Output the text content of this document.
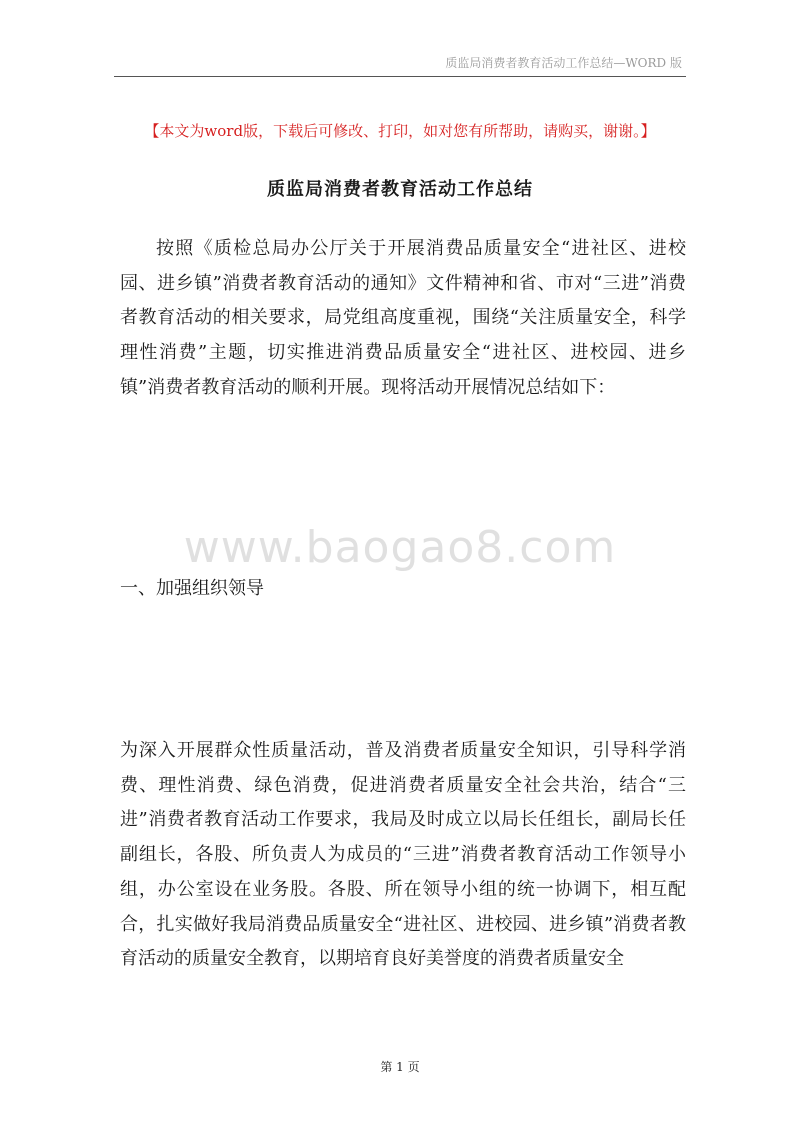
质监局消费者教育活动工作总结—WORD 版
【本文为word版，下载后可修改、打印，如对您有所帮助，请购买，谢谢。】
质监局消费者教育活动工作总结

按照《质检总局办公厅关于开展消费品质量安全“进社区、进校园、进乡镇”消费者教育活动的通知》文件精神和省、市对“三进”消费者教育活动的相关要求，局党组高度重视，围绕“关注质量安全，科学理性消费”主题，切实推进消费品质量安全“进社区、进校园、进乡镇”消费者教育活动的顺利开展。现将活动开展情况总结如下：

www.baogao8.com
一、加强组织领导

为深入开展群众性质量活动，普及消费者质量安全知识，引导科学消费、理性消费、绿色消费，促进消费者质量安全社会共治，结合“三进”消费者教育活动工作要求，我局及时成立以局长任组长，副局长任副组长，各股、所负责人为成员的“三进”消费者教育活动工作领导小组，办公室设在业务股。各股、所在领导小组的统一协调下，相互配合，扎实做好我局消费品质量安全“进社区、进校园、进乡镇”消费者教育活动的质量安全教育，以期培育良好美誉度的消费者质量安全

第 1 页
